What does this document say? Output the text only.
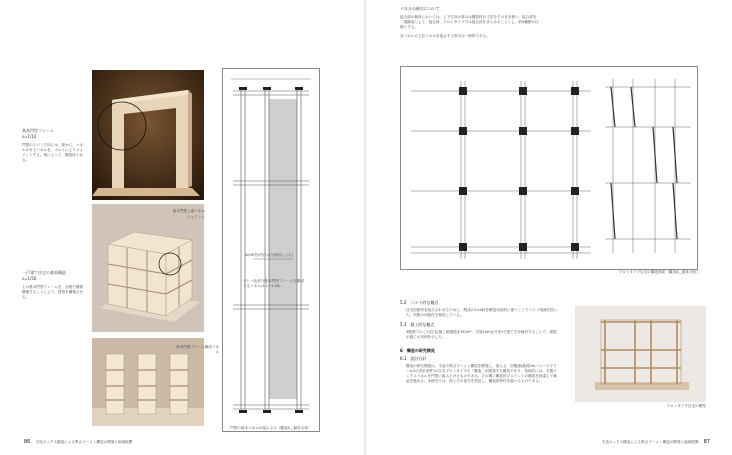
基本門型フレーム
s=1/10
門型のスパン方向には、壁から、パネルのせるパネルを、ボルトによりジョイントする。壁によって、構造体となる。
一戸建て住宅の基本構造
s=1/50
上の基本門型フレームを、全階で積層構築することにより、建物を構築させる。
基本門型上部パネル
ジョイント
2m単位(内法は当該材による)
グレー色部分基本門型フレームを構成するパネル(1.1~1.45)
基本門型フレーム構成パネル
門型の基本パネルの組み上げ（構造A__躯体全体）
86 木造ボックス構造による集合ラーメン構造の開発と地域展開
パネルの接合について
接合部の個所においては、上下方向の厚みは構造材の寸法をそのまま使い、接合部を二重構造として、接合部、プロトタイプでは接合部をまとめることとし、約4種類の仕様とする。
各パネルの上位パネルを接合する形式は一般的である。
プロトタイプ住宅の構造図面（構造A__躯体全体）
5.2　コスト的な観点
住宅用建材を組み合わせるために、既成の2×4材を構造用部材に使うことでコスト削減を図った。実際の可能性を検討している。
5.3　施工的な観点
3階建てのこの住宅(施工面積延床192m²、平屋10m正方形)で建て方を検討することで、屋根の施工の実例を示した。
6　構造の研究開発
6.1　設計方針
構造の研究開発は、木造の集合ラーメン構造を開発し、加える、初期値(最終5m／ベースプラン0.2の設計条件)の住宅プロトタイプの「構造」が開発する構造であり、具体的には、木製ボックスパネルを門型に組み上げるものである。その間に構造的ジョイントの構造を探索して検証を進める。本研究では、柱とその部分を設計し、構造的特性を調べるものである。
プロトタイプ住宅の模型
木造ボックス構造による集合ラーメン構造の開発と地域展開 87
